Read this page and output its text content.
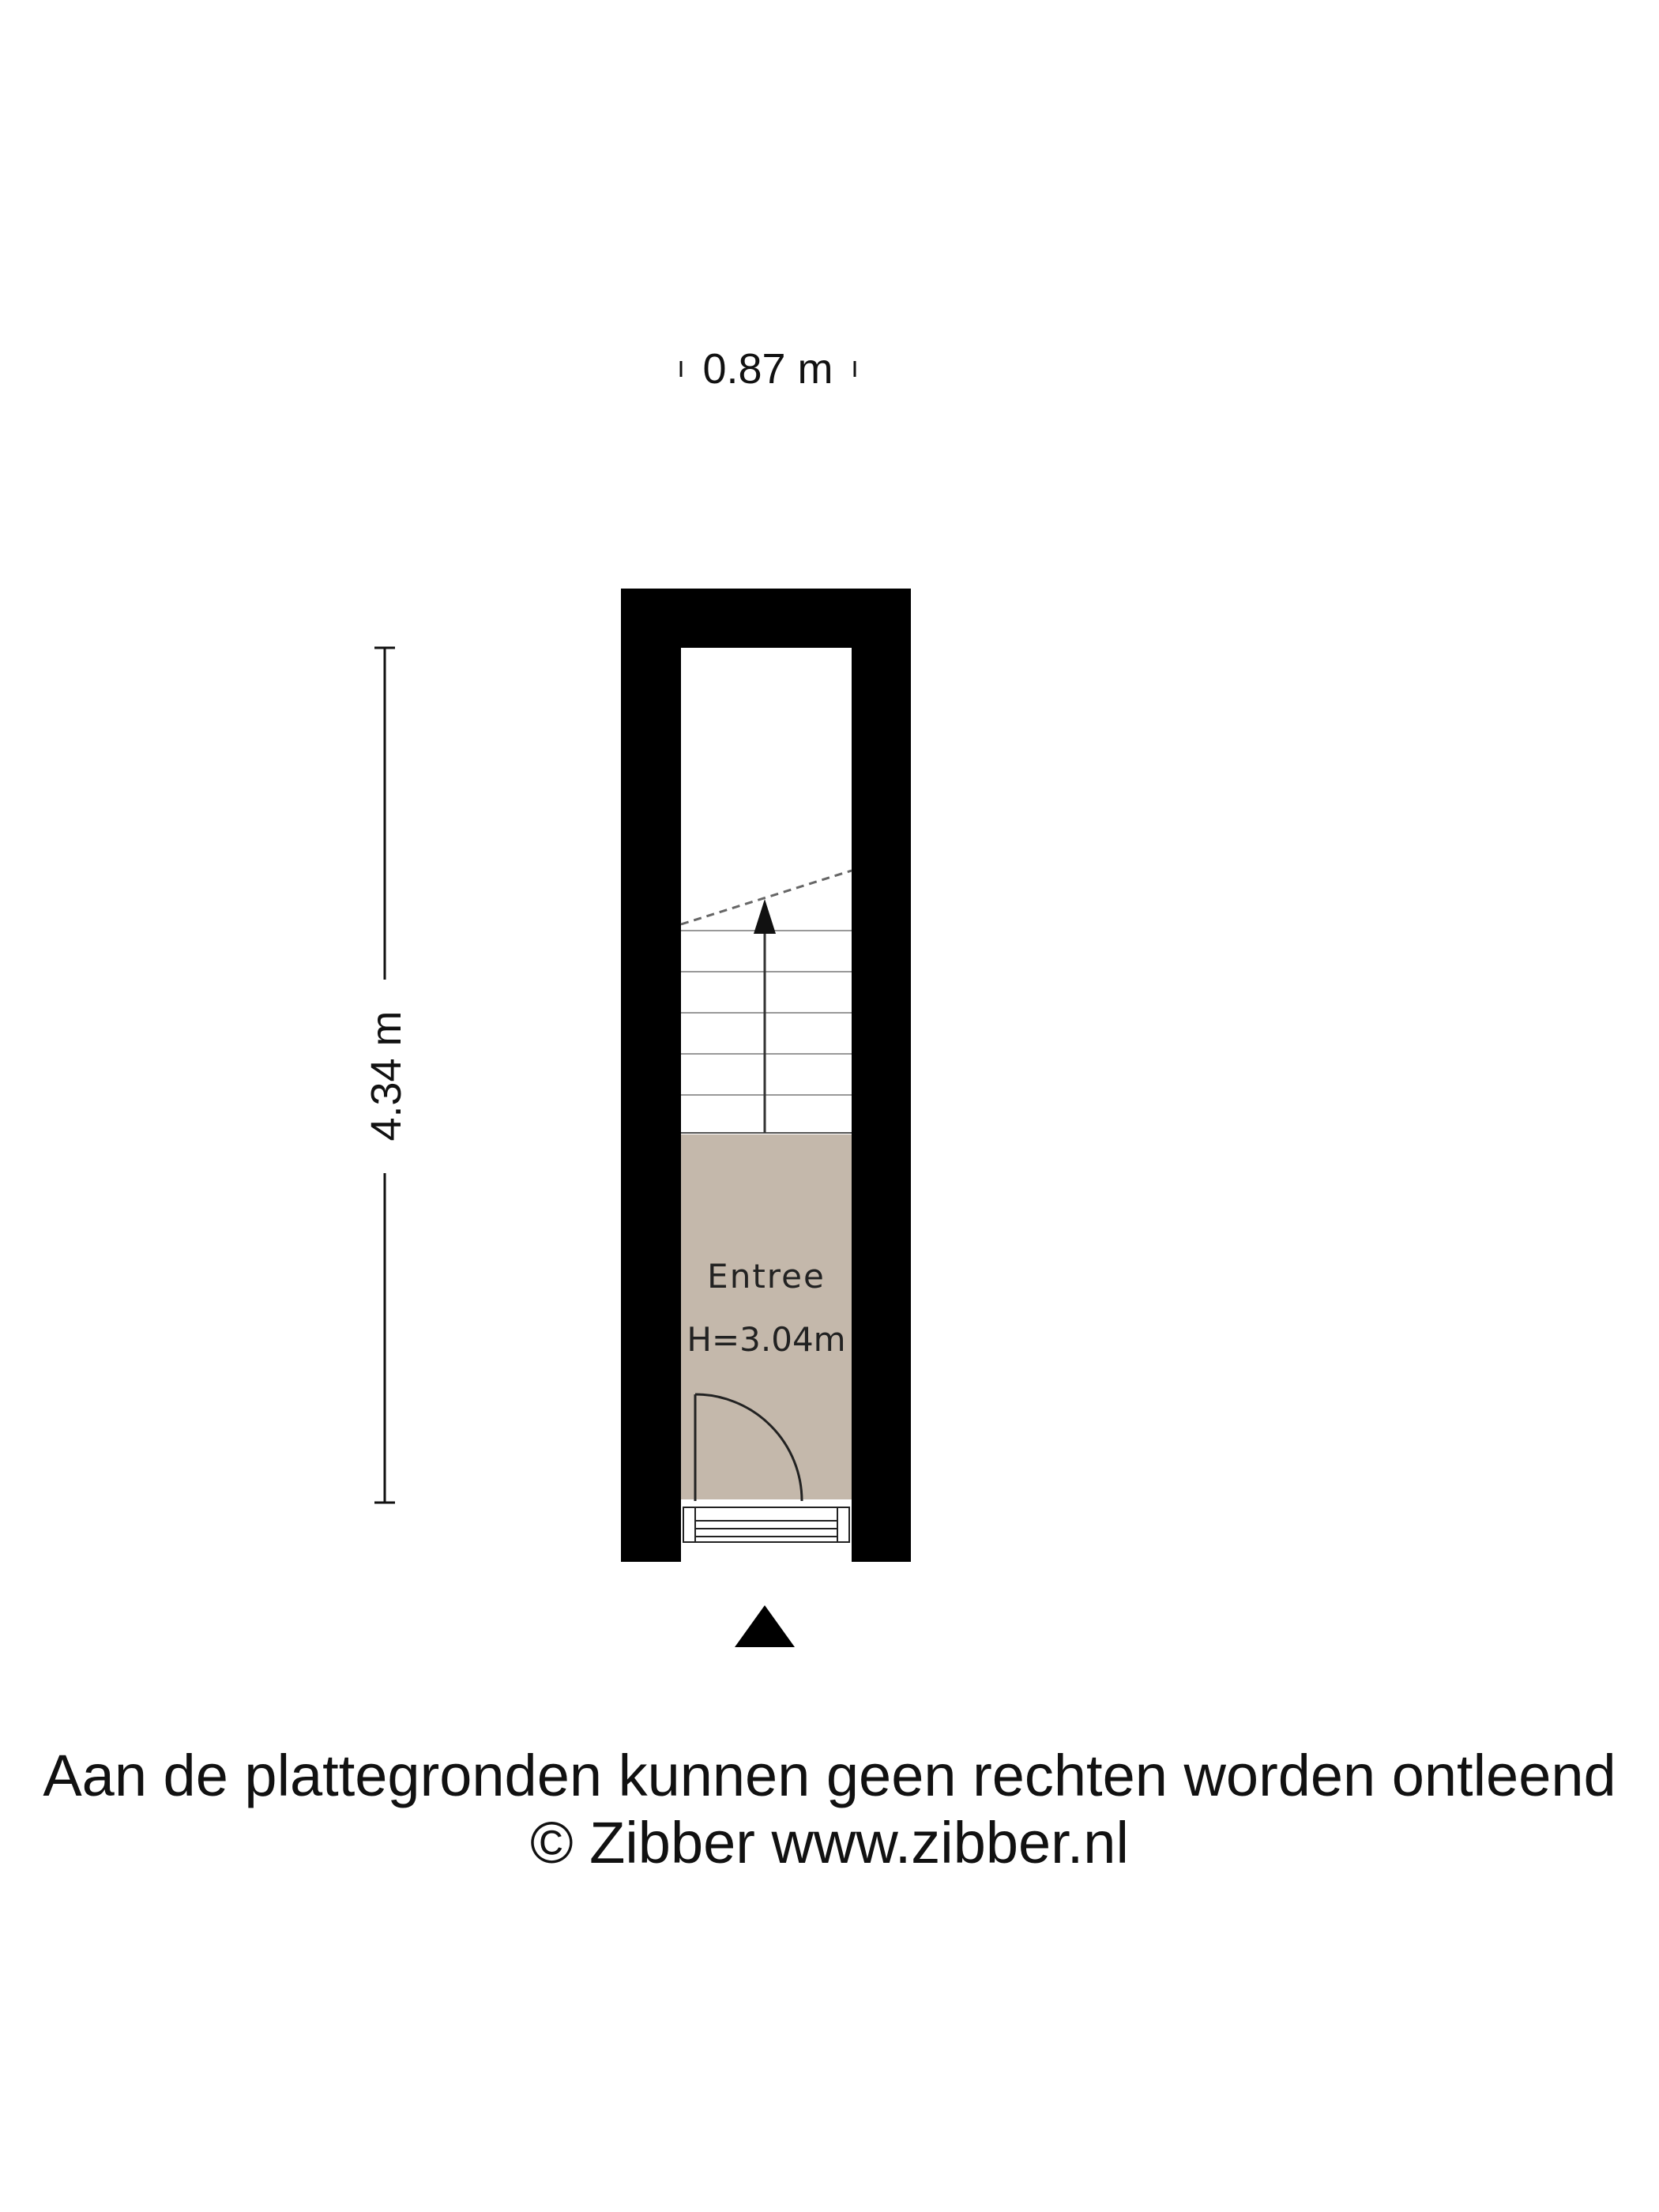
0.87 m
4.34 m
Entree
H=3.04m
Aan de plattegronden kunnen geen rechten worden ontleend
© Zibber www.zibber.nl
